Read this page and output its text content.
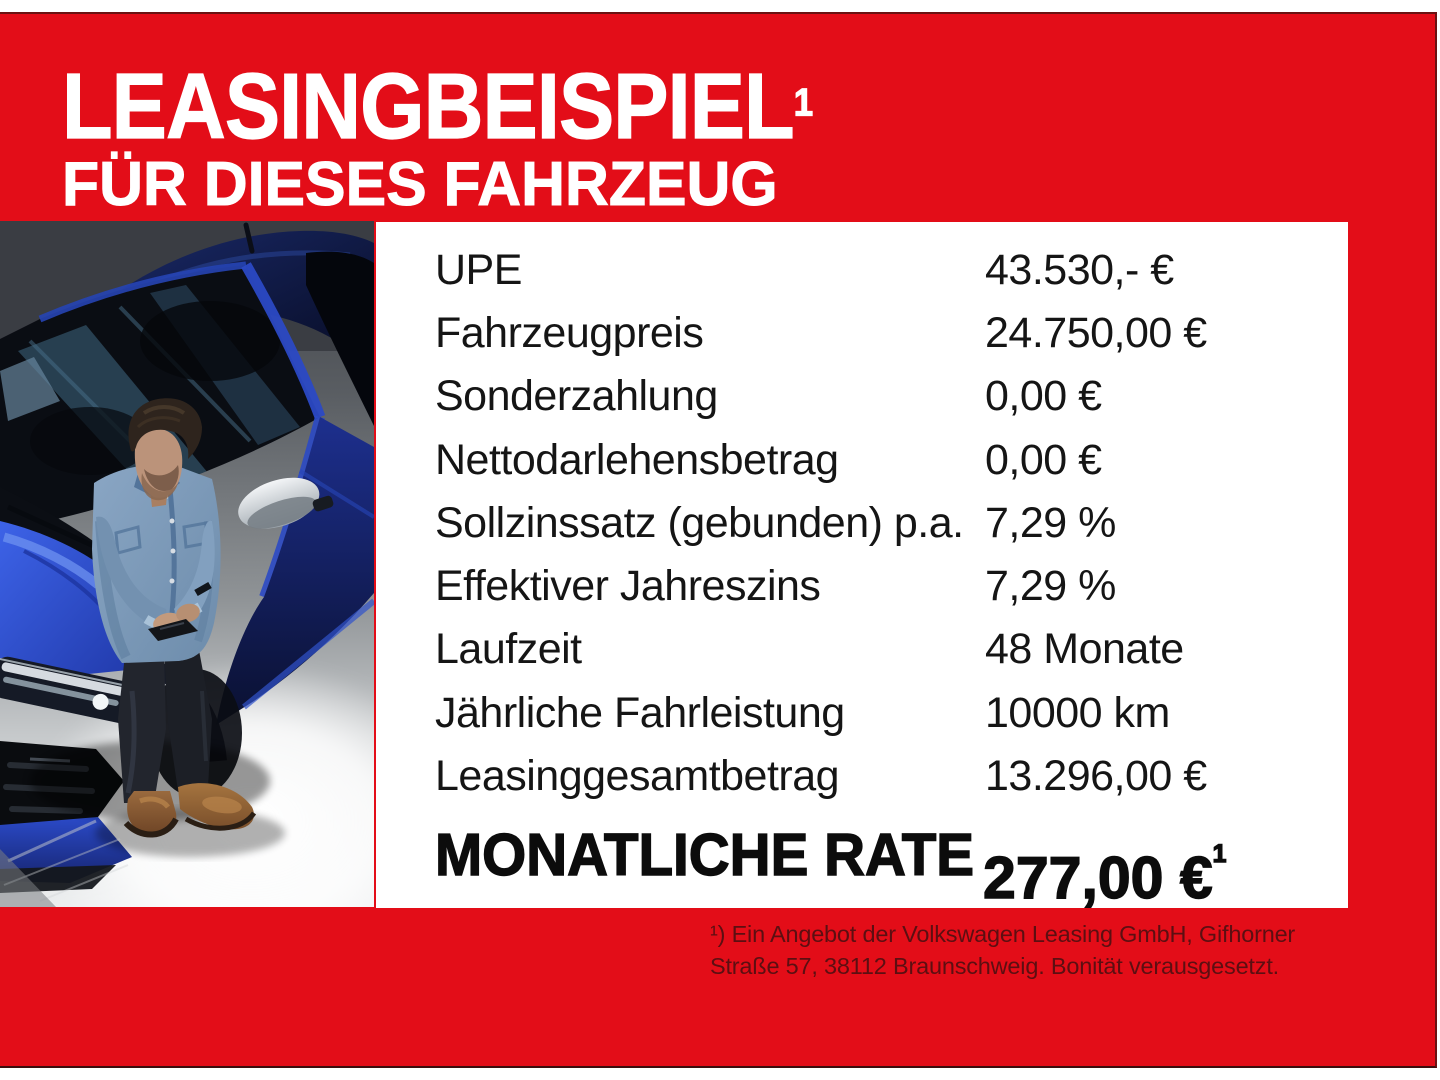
LEASINGBEISPIEL$^1$
FÜR DIESES FAHRZEUG
UPE	43.530,- €
Fahrzeugpreis	24.750,00 €
Sonderzahlung	0,00 €
Nettodarlehensbetrag	0,00 €
Sollzinssatz (gebunden) p.a. 7,29 %
Effektiver Jahreszins	7,29 %
Laufzeit	48 Monate
Jährliche Fahrleistung	10000 km
Leasinggesamtbetrag	13.296,00 €
MONATLICHE RATE 277,00 €$^1$
¹) Ein Angebot der Volkswagen Leasing GmbH, Gifhorner
Straße 57, 38112 Braunschweig. Bonität verausgesetzt.
